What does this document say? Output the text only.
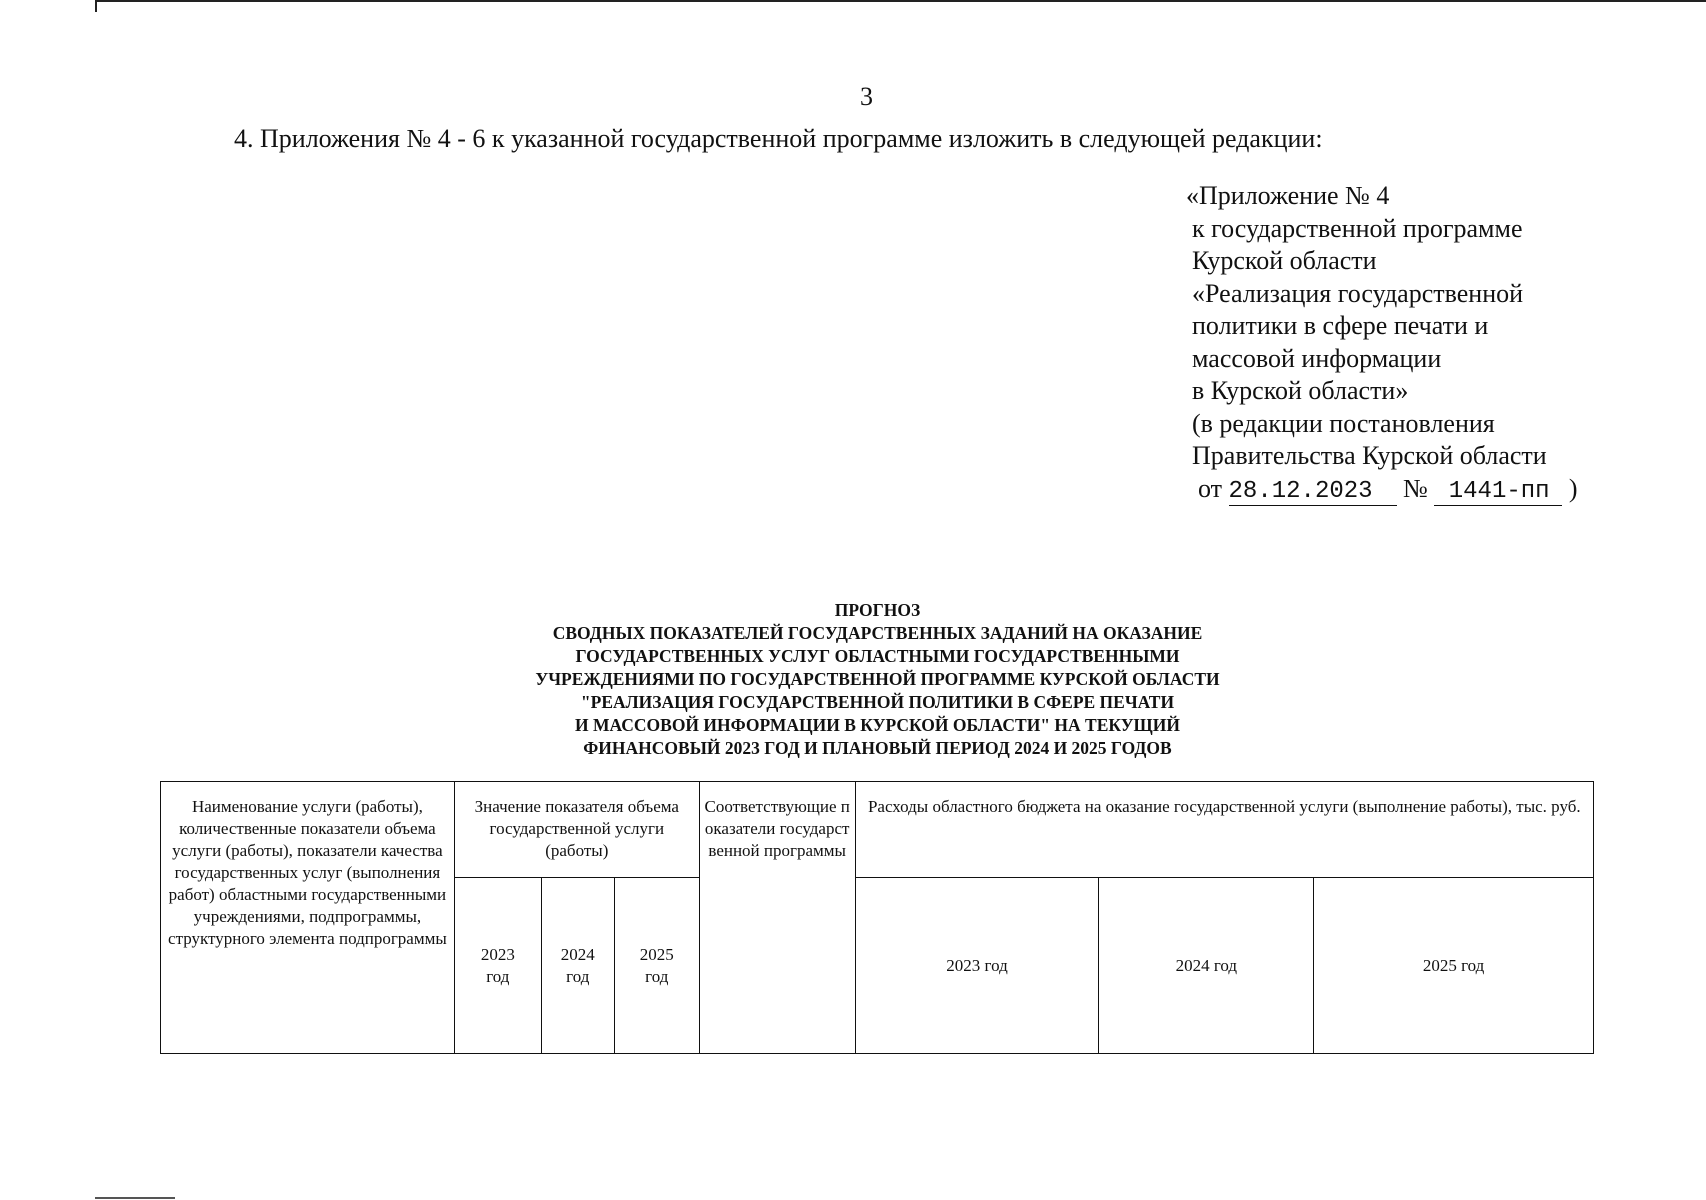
3
4. Приложения № 4 - 6 к указанной государственной программе изложить в следующей редакции:
«Приложение № 4
к государственной программе
Курской области
«Реализация государственной
политики в сфере печати и
массовой информации
в Курской области»
(в редакции постановления
Правительства Курской области
от 28.12.2023 № 1441-пп )
ПРОГНОЗ
СВОДНЫХ ПОКАЗАТЕЛЕЙ ГОСУДАРСТВЕННЫХ ЗАДАНИЙ НА ОКАЗАНИЕ
ГОСУДАРСТВЕННЫХ УСЛУГ ОБЛАСТНЫМИ ГОСУДАРСТВЕННЫМИ
УЧРЕЖДЕНИЯМИ ПО ГОСУДАРСТВЕННОЙ ПРОГРАММЕ КУРСКОЙ ОБЛАСТИ
"РЕАЛИЗАЦИЯ ГОСУДАРСТВЕННОЙ ПОЛИТИКИ В СФЕРЕ ПЕЧАТИ
И МАССОВОЙ ИНФОРМАЦИИ В КУРСКОЙ ОБЛАСТИ" НА ТЕКУЩИЙ
ФИНАНСОВЫЙ 2023 ГОД И ПЛАНОВЫЙ ПЕРИОД 2024 И 2025 ГОДОВ
Наименование услуги (работы), количественные показатели объема услуги (работы), показатели качества государственных услуг (выполнения работ) областными государственными учреждениями, подпрограммы, структурного элемента подпрограммы	Значение показателя объема государственной услуги (работы)			Соответствующие показатели государственной программы	Расходы областного бюджета на оказание государственной услуги (выполнение работы), тыс. руб.		
	2023 год	2024 год	2025 год		2023 год	2024 год	2025 год
